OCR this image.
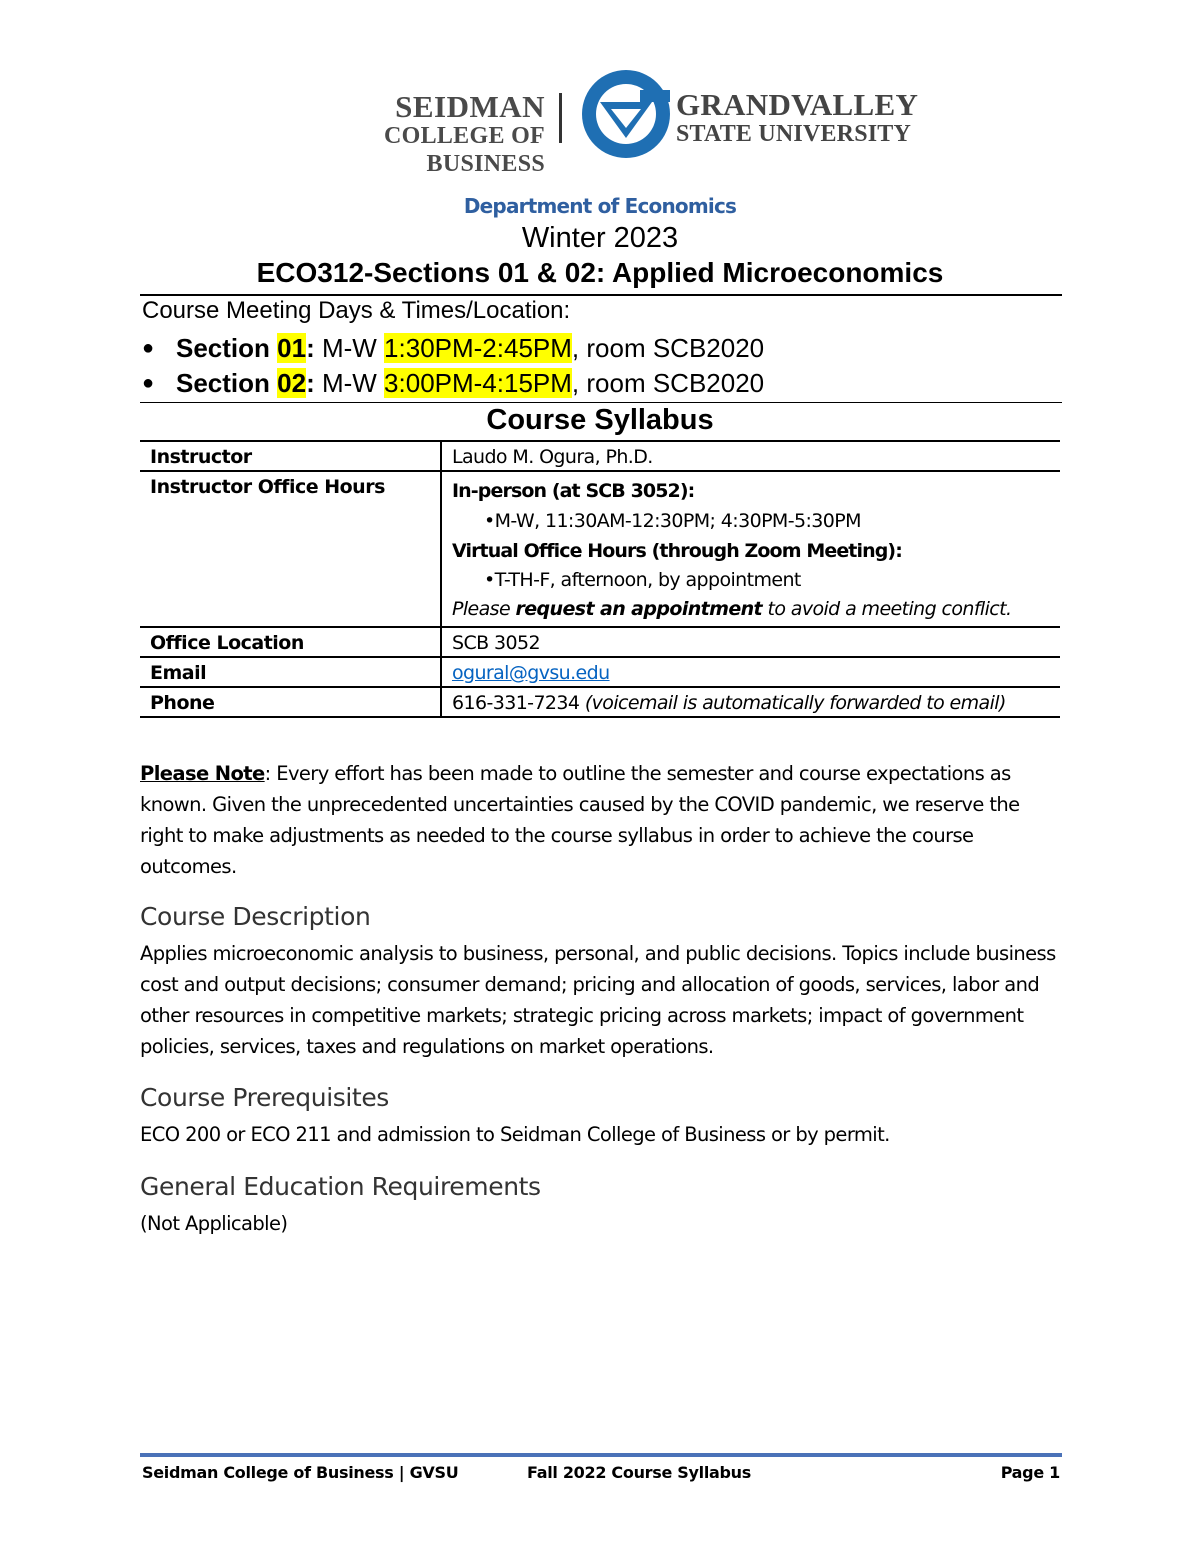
SEIDMAN
COLLEGE OF BUSINESS
GRANDVALLEY
STATE UNIVERSITY
Department of Economics
Winter 2023
ECO312-Sections 01 & 02: Applied Microeconomics
Course Meeting Days & Times/Location:
● Section 01: M-W 1:30PM-2:45PM, room SCB2020
● Section 02: M-W 3:00PM-4:15PM, room SCB2020
Course Syllabus
Instructor	Laudo M. Ogura, Ph.D.
Instructor Office Hours	In-person (at SCB 3052):
• M-W, 11:30AM-12:30PM; 4:30PM-5:30PM
Virtual Office Hours (through Zoom Meeting):
• T-TH-F, afternoon, by appointment
Please request an appointment to avoid a meeting conflict.

Office Location	SCB 3052
Email	ogural@gvsu.edu
Phone	616-331-7234 (voicemail is automatically forwarded to email)
Please Note: Every effort has been made to outline the semester and course expectations as known. Given the unprecedented uncertainties caused by the COVID pandemic, we reserve the right to make adjustments as needed to the course syllabus in order to achieve the course outcomes.
Course Description
Applies microeconomic analysis to business, personal, and public decisions. Topics include business cost and output decisions; consumer demand; pricing and allocation of goods, services, labor and other resources in competitive markets; strategic pricing across markets; impact of government policies, services, taxes and regulations on market operations.
Course Prerequisites
ECO 200 or ECO 211 and admission to Seidman College of Business or by permit.
General Education Requirements
(Not Applicable)
Seidman College of Business | GVSU	Fall 2022 Course Syllabus	Page 1
